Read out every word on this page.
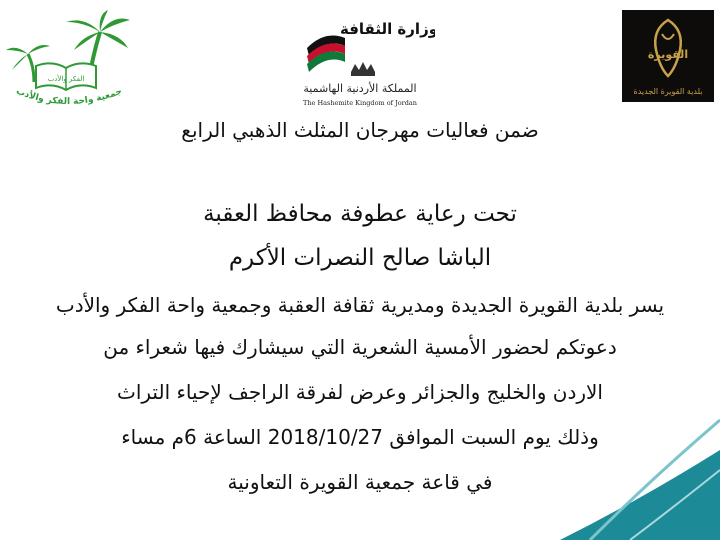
الفكر والأدب
جمعية واحة الفكر والأدب
وزارة الثقافة
المملكة الأردنية الهاشمية
The Hashemite Kingdom of Jordan
القويرة
بلدية القويرة الجديدة
ضمن فعاليات مهرجان المثلث الذهبي الرابع
تحت رعاية عطوفة محافظ العقبة
الباشا صالح النصرات الأكرم
يسر بلدية القويرة الجديدة ومديرية ثقافة العقبة وجمعية واحة الفكر والأدب
دعوتكم لحضور الأمسية الشعرية التي سيشارك فيها شعراء من
الاردن والخليج والجزائر وعرض لفرقة الراجف لإحياء التراث
وذلك يوم السبت الموافق 2018/10/27 الساعة 6م مساء
في قاعة جمعية القويرة التعاونية
